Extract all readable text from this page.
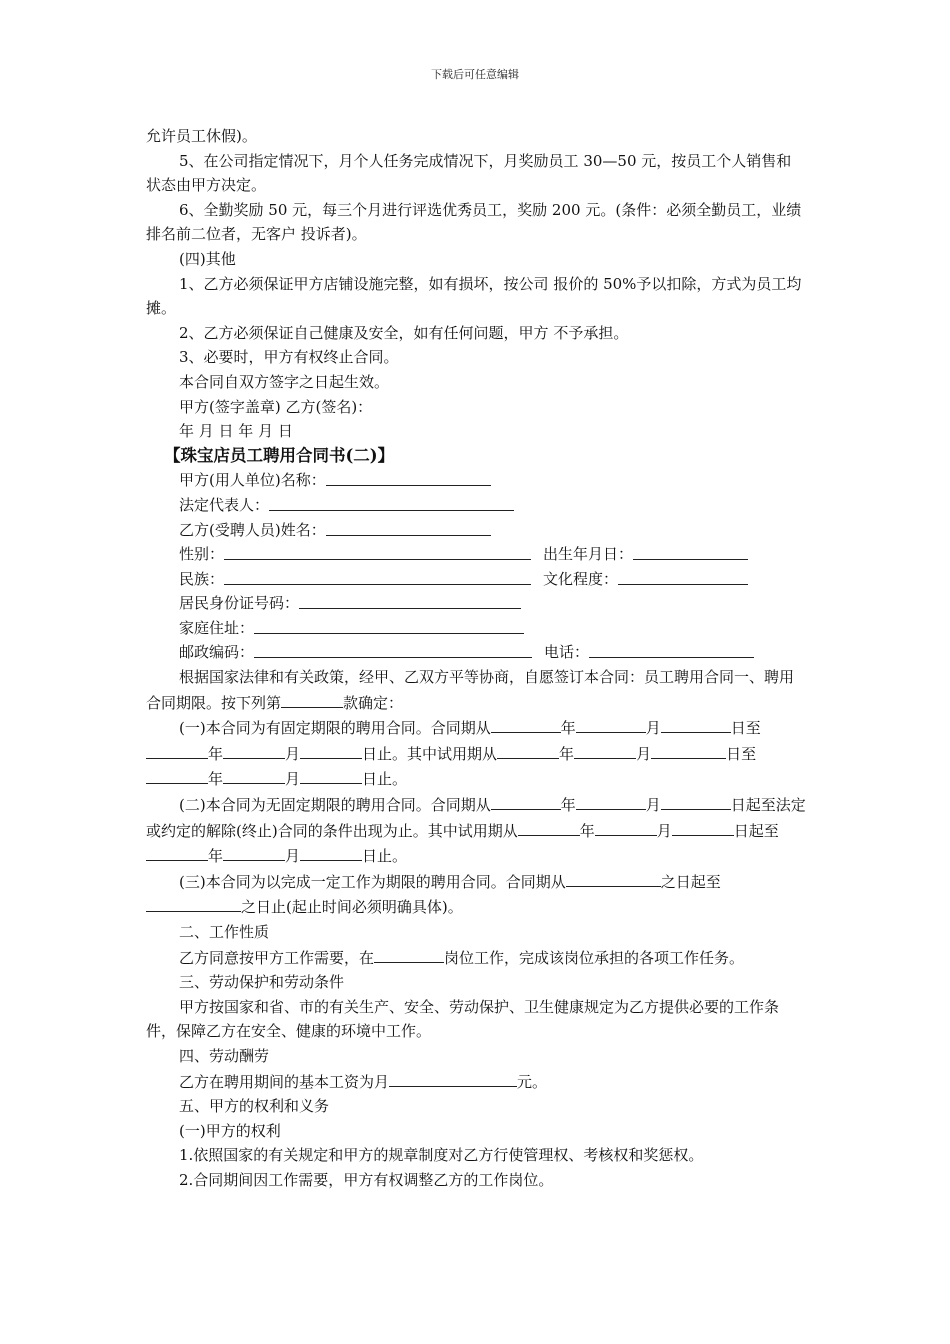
下载后可任意编辑

允许员工休假)。

5、在公司指定情况下，月个人任务完成情况下，月奖励员工 30—50 元，按员工个人销售和状态由甲方决定。

6、全勤奖励 50 元，每三个月进行评选优秀员工，奖励 200 元。(条件：必须全勤员工，业绩排名前二位者，无客户 投诉者)。

(四)其他

1、乙方必须保证甲方店铺设施完整，如有损坏，按公司 报价的 50%予以扣除，方式为员工均摊。

2、乙方必须保证自己健康及安全，如有任何问题，甲方 不予承担。

3、必要时，甲方有权终止合同。

本合同自双方签字之日起生效。

甲方(签字盖章) 乙方(签名)：

年 月 日 年 月 日

【珠宝店员工聘用合同书(二)】

甲方(用人单位)名称：
法定代表人：
乙方(受聘人员)姓名：
性别：	出生年月日：
民族：	文化程度：
居民身份证号码：
家庭住址：
邮政编码：	电话：

根据国家法律和有关政策，经甲、乙双方平等协商，自愿签订本合同：员工聘用合同一、聘用合同期限。按下列第	款确定：

(一)本合同为有固定期限的聘用合同。合同期从	年	月	日至年	月	日止。其中试用期从	年	月	日至年	月	日止。

(二)本合同为无固定期限的聘用合同。合同期从	年	月	日起至法定或约定的解除(终止)合同的条件出现为止。其中试用期从	年	月	日起至年	月	日止。

(三)本合同为以完成一定工作为期限的聘用合同。合同期从	之日起至之日止(起止时间必须明确具体)。

二、工作性质

乙方同意按甲方工作需要，在	岗位工作，完成该岗位承担的各项工作任务。

三、劳动保护和劳动条件

甲方按国家和省、市的有关生产、安全、劳动保护、卫生健康规定为乙方提供必要的工作条件，保障乙方在安全、健康的环境中工作。

四、劳动酬劳

乙方在聘用期间的基本工资为月	元。

五、甲方的权利和义务

(一)甲方的权利

1.依照国家的有关规定和甲方的规章制度对乙方行使管理权、考核权和奖惩权。

2.合同期间因工作需要，甲方有权调整乙方的工作岗位。
